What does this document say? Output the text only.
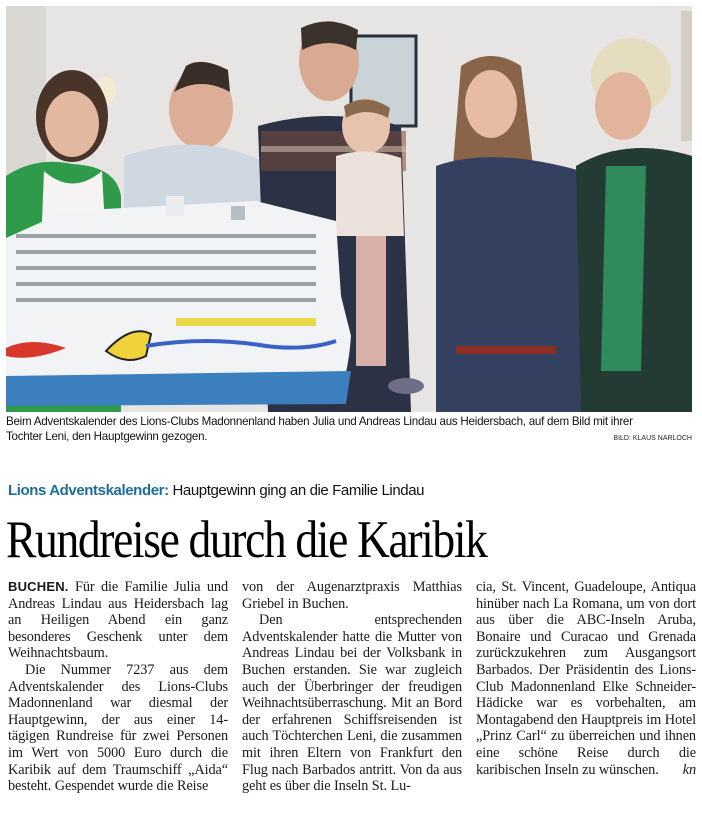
Beim Adventskalender des Lions-Clubs Madonnenland haben Julia und Andreas Lindau aus Heidersbach, auf dem Bild mit ihrer
Tochter Leni, den Hauptgewinn gezogen.	BILD: KLAUS NARLOCH
Lions Adventskalender: Hauptgewinn ging an die Familie Lindau
Rundreise durch die Karibik

BUCHEN. Für die Familie Julia und Andreas Lindau aus Heidersbach lag an Heiligen Abend ein ganz besonderes Geschenk unter dem Weihnachtsbaum.

Die Nummer 7237 aus dem Adventskalender des Lions-Clubs Madonnenland war diesmal der Hauptgewinn, der aus einer 14- tägigen Rundreise für zwei Personen im Wert von 5000 Euro durch die Karibik auf dem Traumschiff „Aida“ besteht. Gespendet wurde die Reise

von der Augenarztpraxis Matthias Griebel in Buchen.

Den entsprechenden Adventskalender hatte die Mutter von Andreas Lindau bei der Volksbank in Buchen erstanden. Sie war zugleich auch der Überbringer der freudigen Weihnachtsüberraschung. Mit an Bord der erfahrenen Schiffsreisenden ist auch Töchterchen Leni, die zusammen mit ihren Eltern von Frankfurt den Flug nach Barbados antritt. Von da aus geht es über die Inseln St. Lu-

cia, St. Vincent, Guadeloupe, Antiqua hinüber nach La Romana, um von dort aus über die ABC-Inseln Aruba, Bonaire und Curacao und Grenada zurückzukehren zum Ausgangsort Barbados. Der Präsidentin des Lions-Club Madonnenland Elke Schneider-Hädicke war es vorbehalten, am Montagabend den Hauptpreis im Hotel „Prinz Carl“ zu überreichen und ihnen eine schöne Reise durch die karibischen Inseln zu wünschen. kn
